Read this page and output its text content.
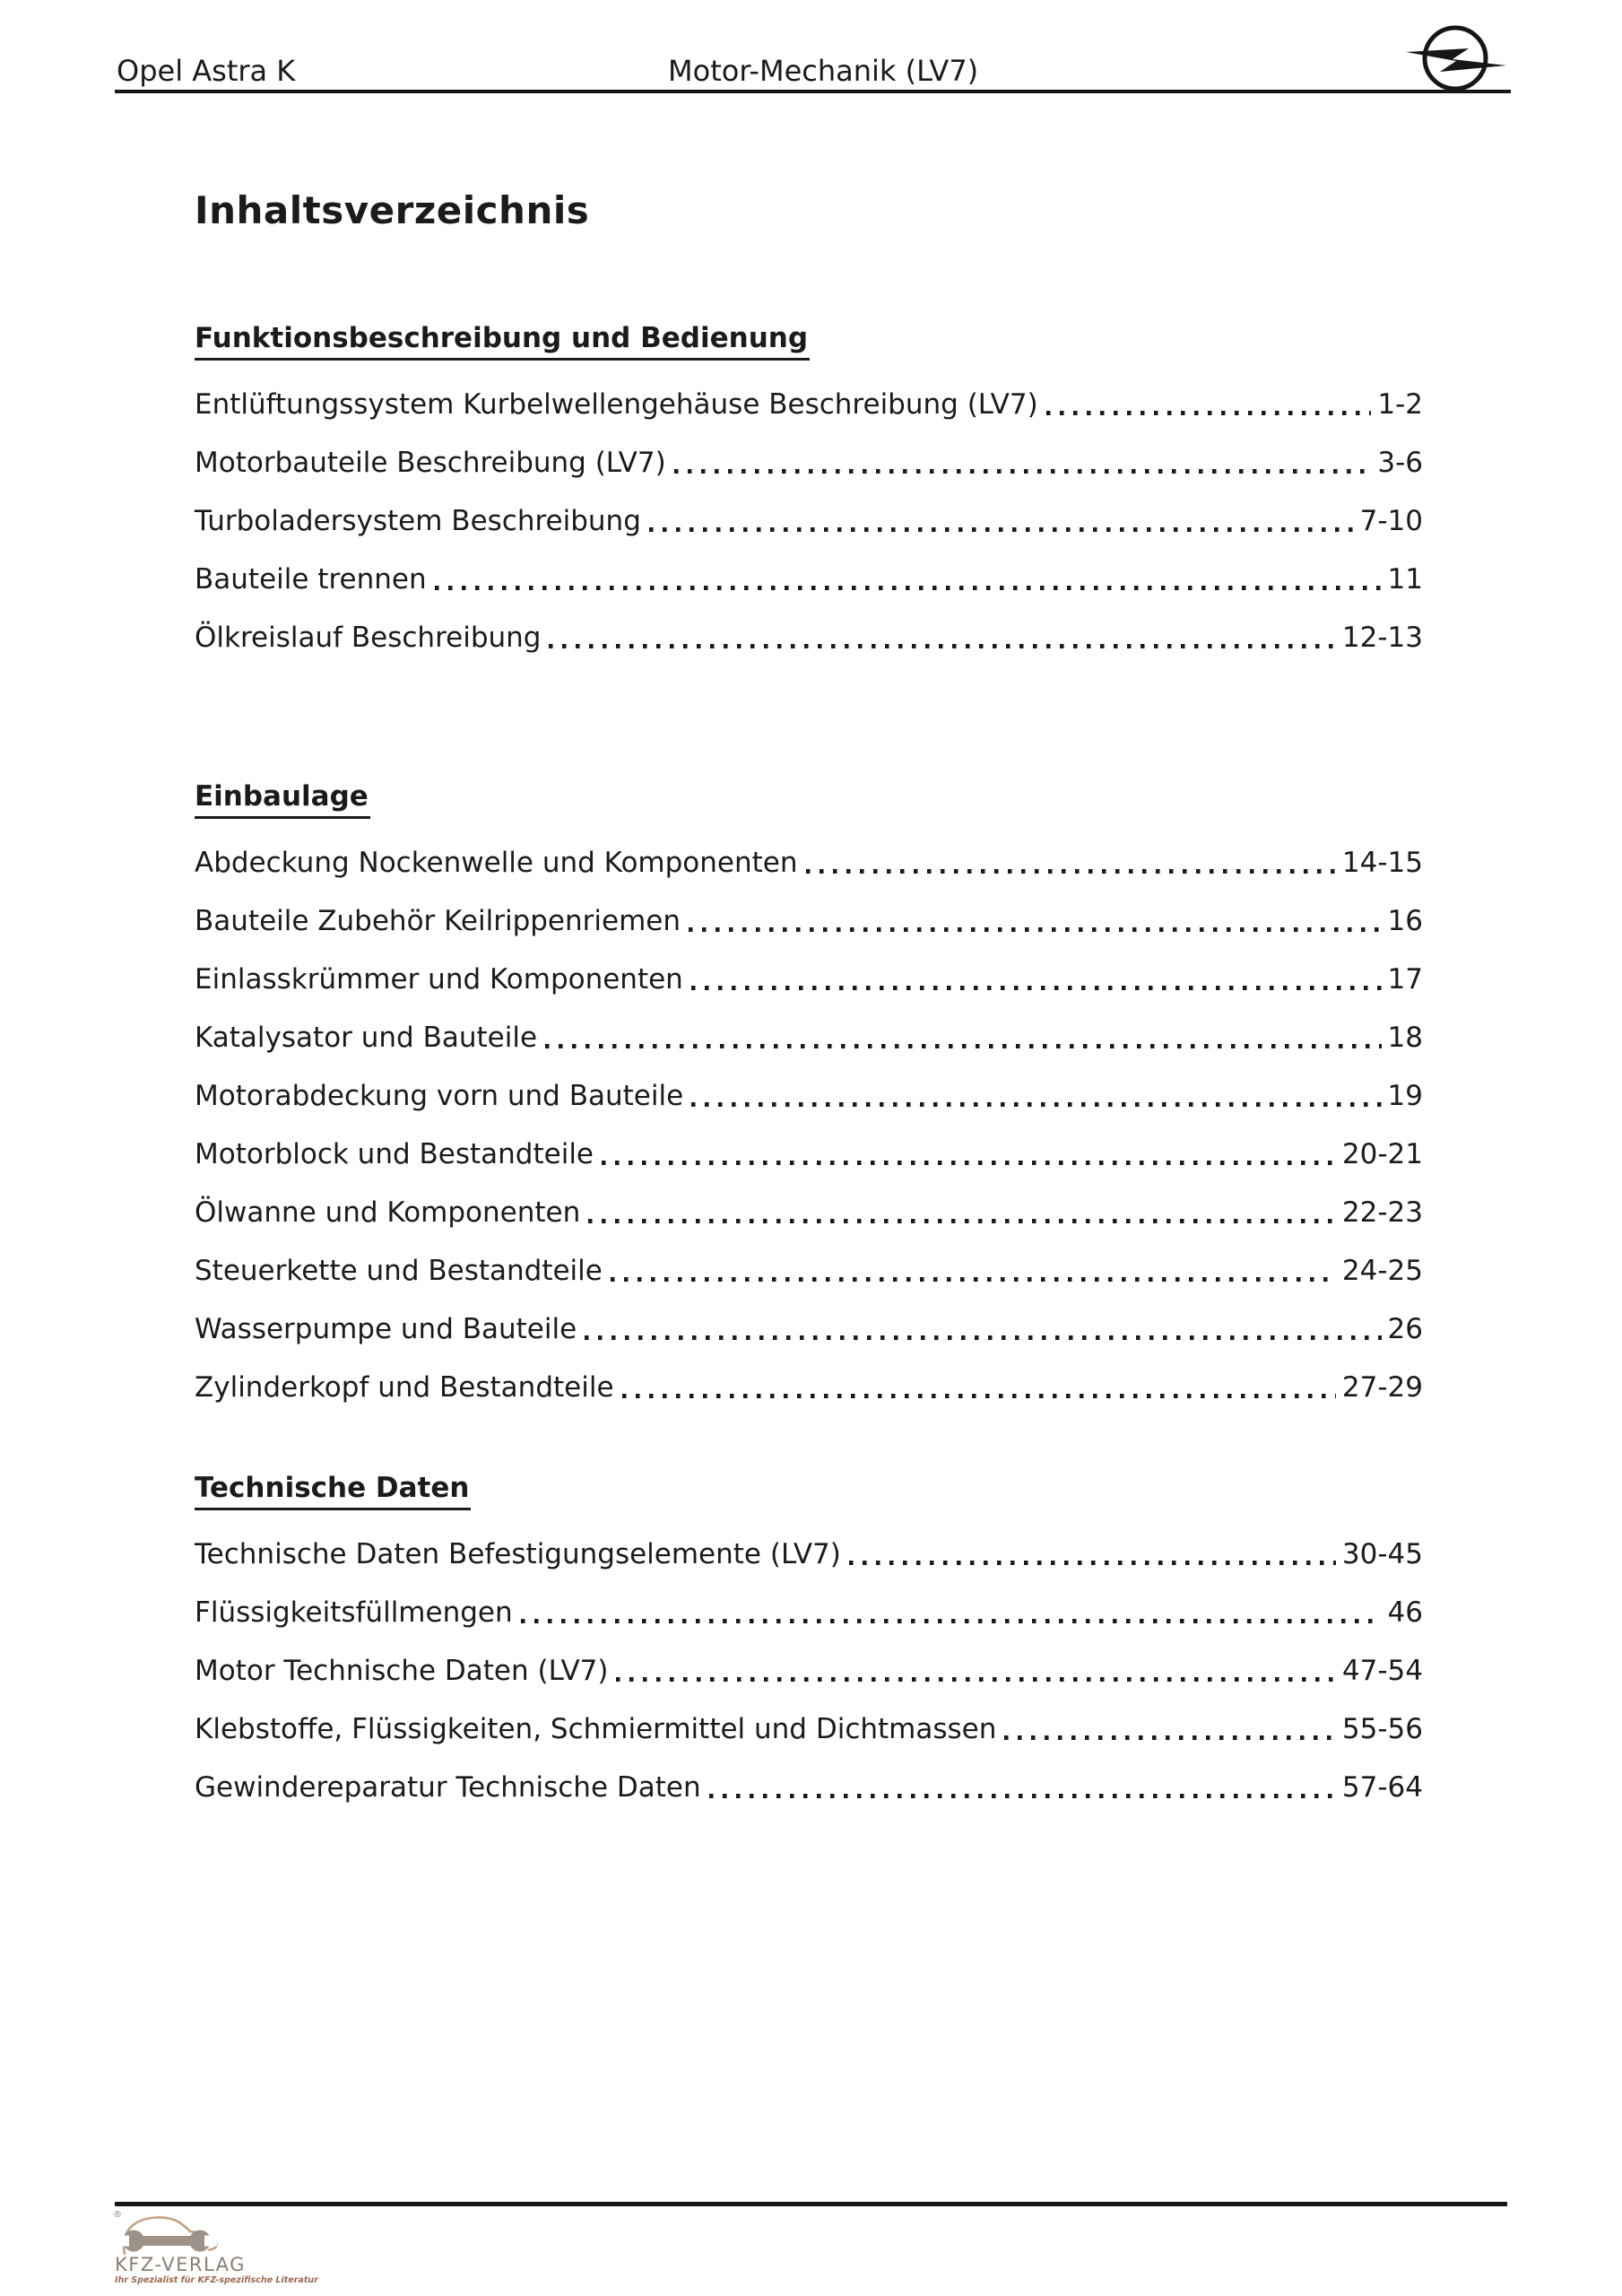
Opel Astra K	Motor-Mechanik (LV7)
Inhaltsverzeichnis
Funktionsbeschreibung und Bedienung
Entlüftungssystem Kurbelwellengehäuse Beschreibung (LV7)	1-2
Motorbauteile Beschreibung (LV7)	3-6
Turboladersystem Beschreibung	7-10
Bauteile trennen	11
Ölkreislauf Beschreibung	12-13
Einbaulage
Abdeckung Nockenwelle und Komponenten	14-15
Bauteile Zubehör Keilrippenriemen	16
Einlasskrümmer und Komponenten	17
Katalysator und Bauteile	18
Motorabdeckung vorn und Bauteile	19
Motorblock und Bestandteile	20-21
Ölwanne und Komponenten	22-23
Steuerkette und Bestandteile	24-25
Wasserpumpe und Bauteile	26
Zylinderkopf und Bestandteile	27-29
Technische Daten
Technische Daten Befestigungselemente (LV7)	30-45
Flüssigkeitsfüllmengen	46
Motor Technische Daten (LV7)	47-54
Klebstoffe, Flüssigkeiten, Schmiermittel und Dichtmassen	55-56
Gewindereparatur Technische Daten	57-64
®
KFZ-VERLAG
Ihr Spezialist für KFZ-spezifische Literatur
